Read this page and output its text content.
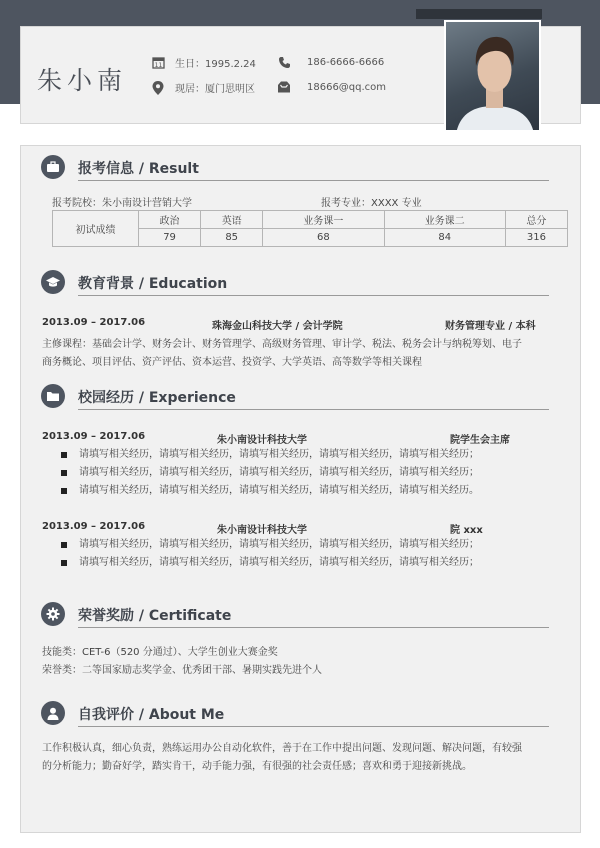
朱小南
11 生日：1995.2.24	186-6666-6666
现居：厦门思明区	18666@qq.com
报考信息 / Result
报考院校：朱小南设计营销大学	报考专业：XXXX 专业
初试成绩	政治	英语	业务课一	业务课二	总分
	79	85	68	84	316
教育背景 / Education
2013.09 – 2017.06	珠海金山科技大学 / 会计学院	财务管理专业 / 本科
主修课程：基础会计学、财务会计、财务管理学、高级财务管理、审计学、税法、税务会计与纳税筹划、电子
商务概论、项目评估、资产评估、资本运营、投资学、大学英语、高等数学等相关课程
校园经历 / Experience
2013.09 – 2017.06	朱小南设计科技大学	院学生会主席
请填写相关经历，请填写相关经历，请填写相关经历，请填写相关经历，请填写相关经历；
请填写相关经历，请填写相关经历，请填写相关经历，请填写相关经历，请填写相关经历；
请填写相关经历，请填写相关经历，请填写相关经历，请填写相关经历，请填写相关经历。
2013.09 – 2017.06	朱小南设计科技大学	院 xxx
请填写相关经历，请填写相关经历，请填写相关经历，请填写相关经历，请填写相关经历；
请填写相关经历，请填写相关经历，请填写相关经历，请填写相关经历，请填写相关经历；
荣誉奖励 / Certificate
技能类：CET-6（520 分通过）、大学生创业大赛金奖
荣誉类：二等国家励志奖学金、优秀团干部、暑期实践先进个人
自我评价 / About Me
工作积极认真，细心负责，熟练运用办公自动化软件，善于在工作中提出问题、发现问题、解决问题，有较强
的分析能力；勤奋好学，踏实肯干，动手能力强，有很强的社会责任感；喜欢和勇于迎接新挑战。
